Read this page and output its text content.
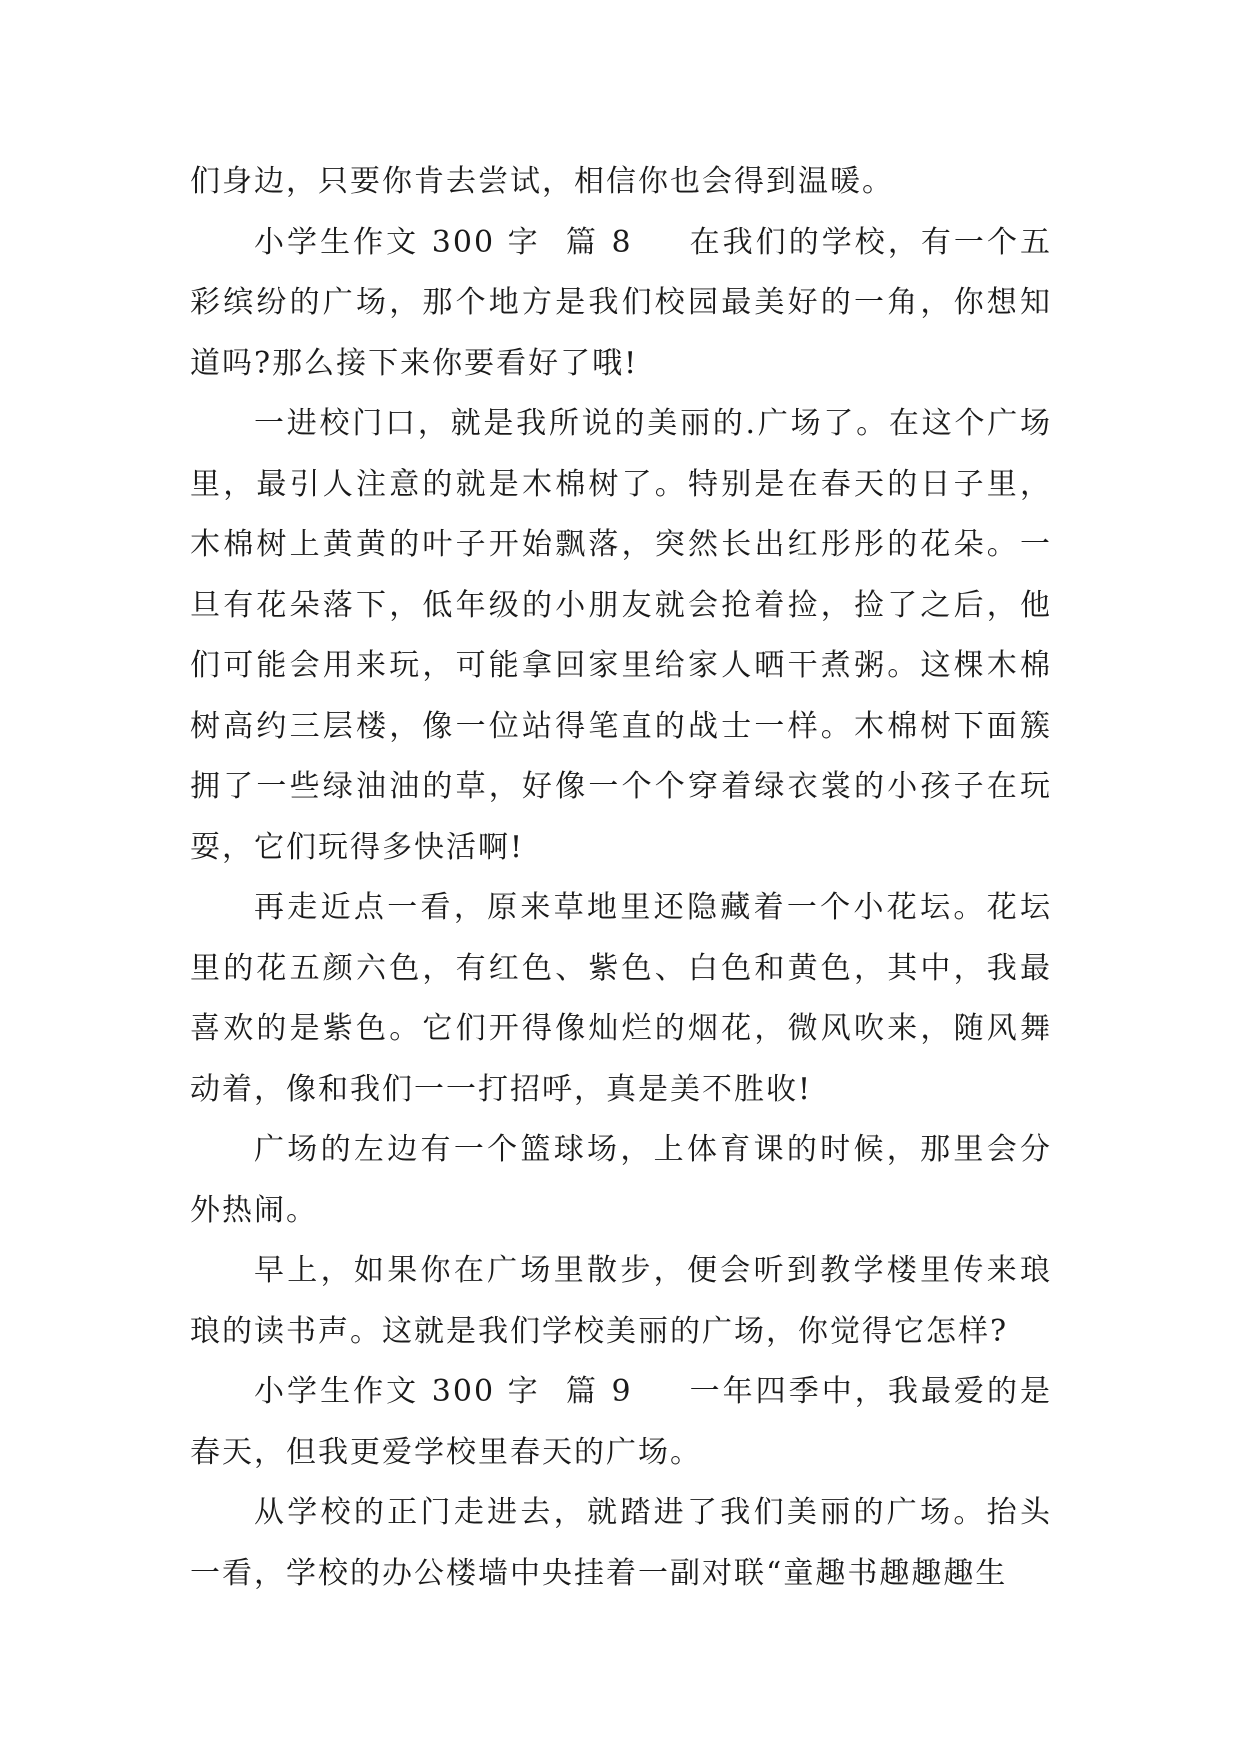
们身边，只要你肯去尝试，相信你也会得到温暖。

小学生作文 300 字  篇 8 在我们的学校，有一个五彩缤纷的广场，那个地方是我们校园最美好的一角，你想知道吗?那么接下来你要看好了哦!

一进校门口，就是我所说的美丽的.广场了。在这个广场里，最引人注意的就是木棉树了。特别是在春天的日子里，木棉树上黄黄的叶子开始飘落，突然长出红彤彤的花朵。一旦有花朵落下，低年级的小朋友就会抢着捡，捡了之后，他们可能会用来玩，可能拿回家里给家人晒干煮粥。这棵木棉树高约三层楼，像一位站得笔直的战士一样。木棉树下面簇拥了一些绿油油的草，好像一个个穿着绿衣裳的小孩子在玩耍，它们玩得多快活啊!

再走近点一看，原来草地里还隐藏着一个小花坛。花坛里的花五颜六色，有红色、紫色、白色和黄色，其中，我最喜欢的是紫色。它们开得像灿烂的烟花，微风吹来，随风舞动着，像和我们一一打招呼，真是美不胜收!

广场的左边有一个篮球场，上体育课的时候，那里会分外热闹。

早上，如果你在广场里散步，便会听到教学楼里传来琅琅的读书声。这就是我们学校美丽的广场，你觉得它怎样?

小学生作文 300 字  篇 9 一年四季中，我最爱的是春天，但我更爱学校里春天的广场。

从学校的正门走进去，就踏进了我们美丽的广场。抬头一看，学校的办公楼墙中央挂着一副对联“童趣书趣趣趣生
